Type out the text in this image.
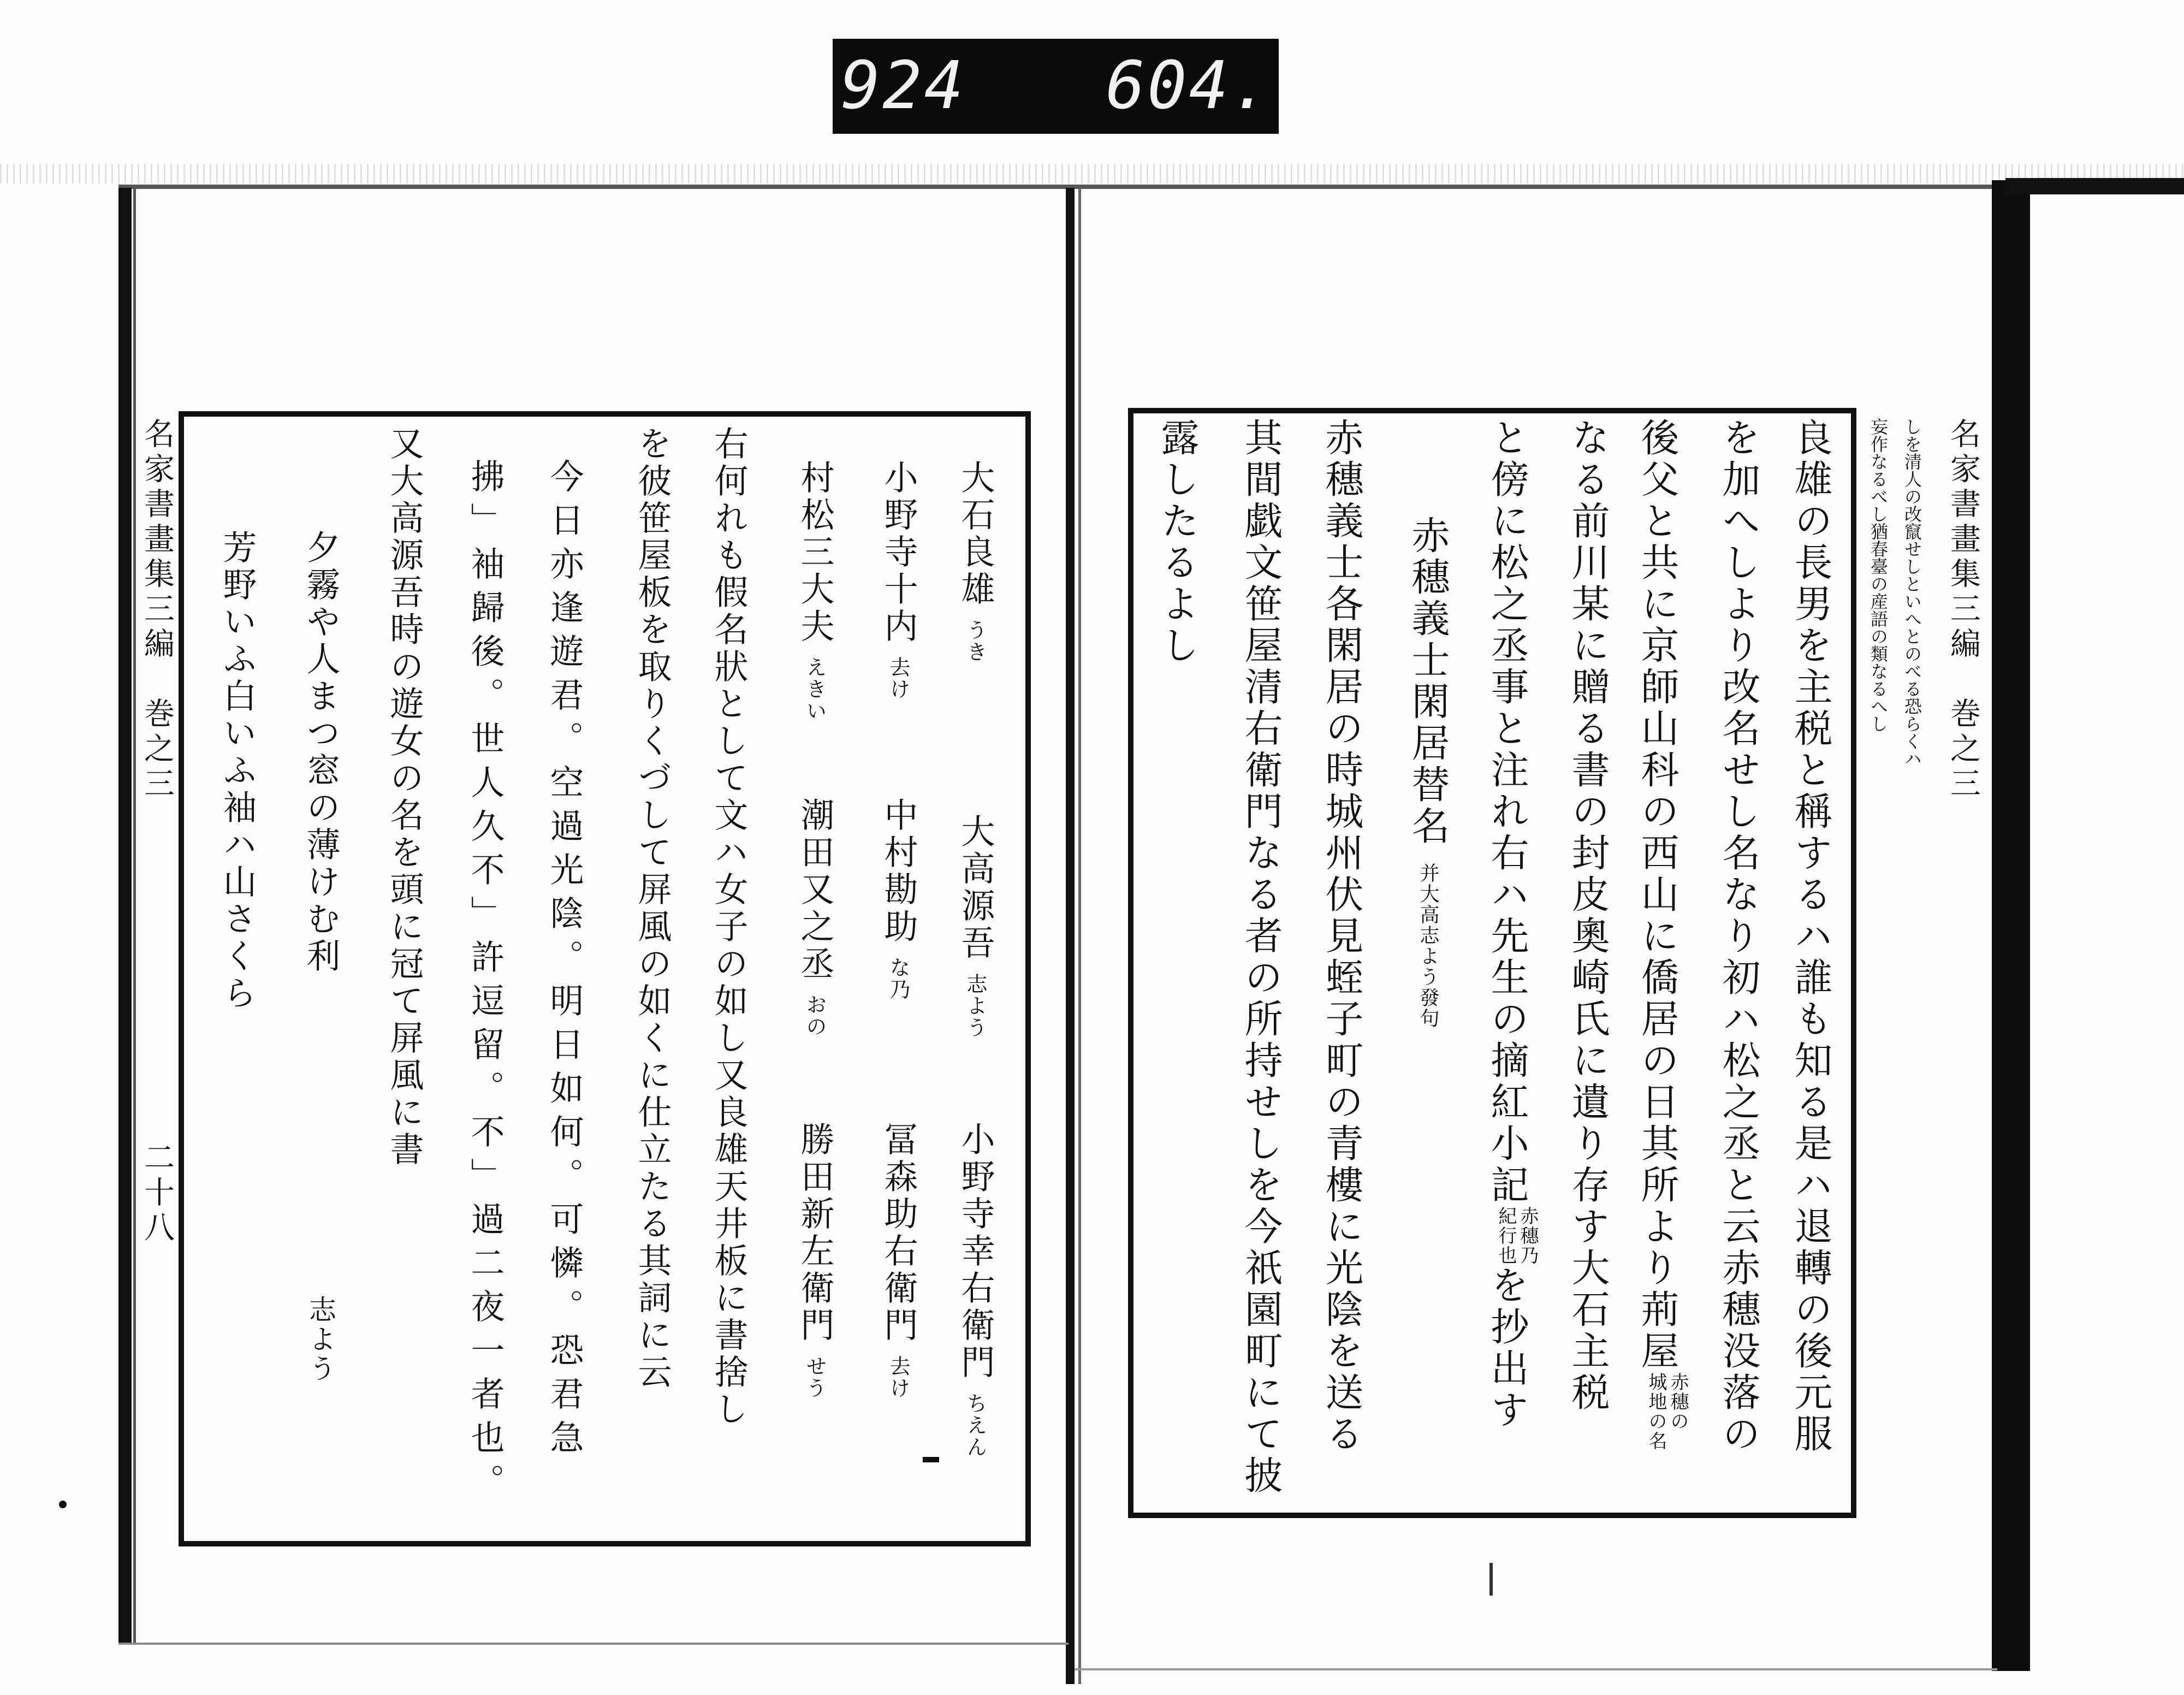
924 604.
名家書畫集三編　巻之三
しを清人の改竄せしといへとのべる恐らくハ
妄作なるべし猶春臺の産語の類なるへし
良雄の長男を主税と稱するハ誰も知る是ハ退轉の後元服
を加へしより改名せし名なり初ハ松之丞と云赤穗没落の
後父と共に京師山科の西山に僑居の日其所より荊屋赤穗の
城地の名
なる前川某に贈る書の封皮奧崎氏に遺り存す大石主税
と傍に松之丞事と注れ右ハ先生の摘紅小記赤穗乃
紀行也を抄出す
赤穗義士閑居替名并大高志よう發句
赤穗義士各閑居の時城州伏見蛭子町の青樓に光陰を送る
其間戯文笹屋清右衛門なる者の所持せしを今祇園町にて披
露したるよし
名家書畫集三編　巻之三
二十八
大石良雄うき
小野寺十内去け
村松三大夫えきい
大高源吾志よう
中村勘助な乃
潮田又之丞おの
小野寺幸右衛門ちえん
冨森助右衛門去け
勝田新左衛門せう
右何れも假名狀として文ハ女子の如し又良雄天井板に書捨し
を彼笹屋板を取りくづして屏風の如くに仕立たる其詞に云
今日亦逢遊君。空過光陰。明日如何。可憐。恐君急
拂」袖歸後。世人久不」許逗留。不」過二夜一者也。
又大高源吾時の遊女の名を頭に冠て屏風に書
夕霧や人まつ窓の薄けむ利
志よう
芳野いふ白いふ袖ハ山さくら
